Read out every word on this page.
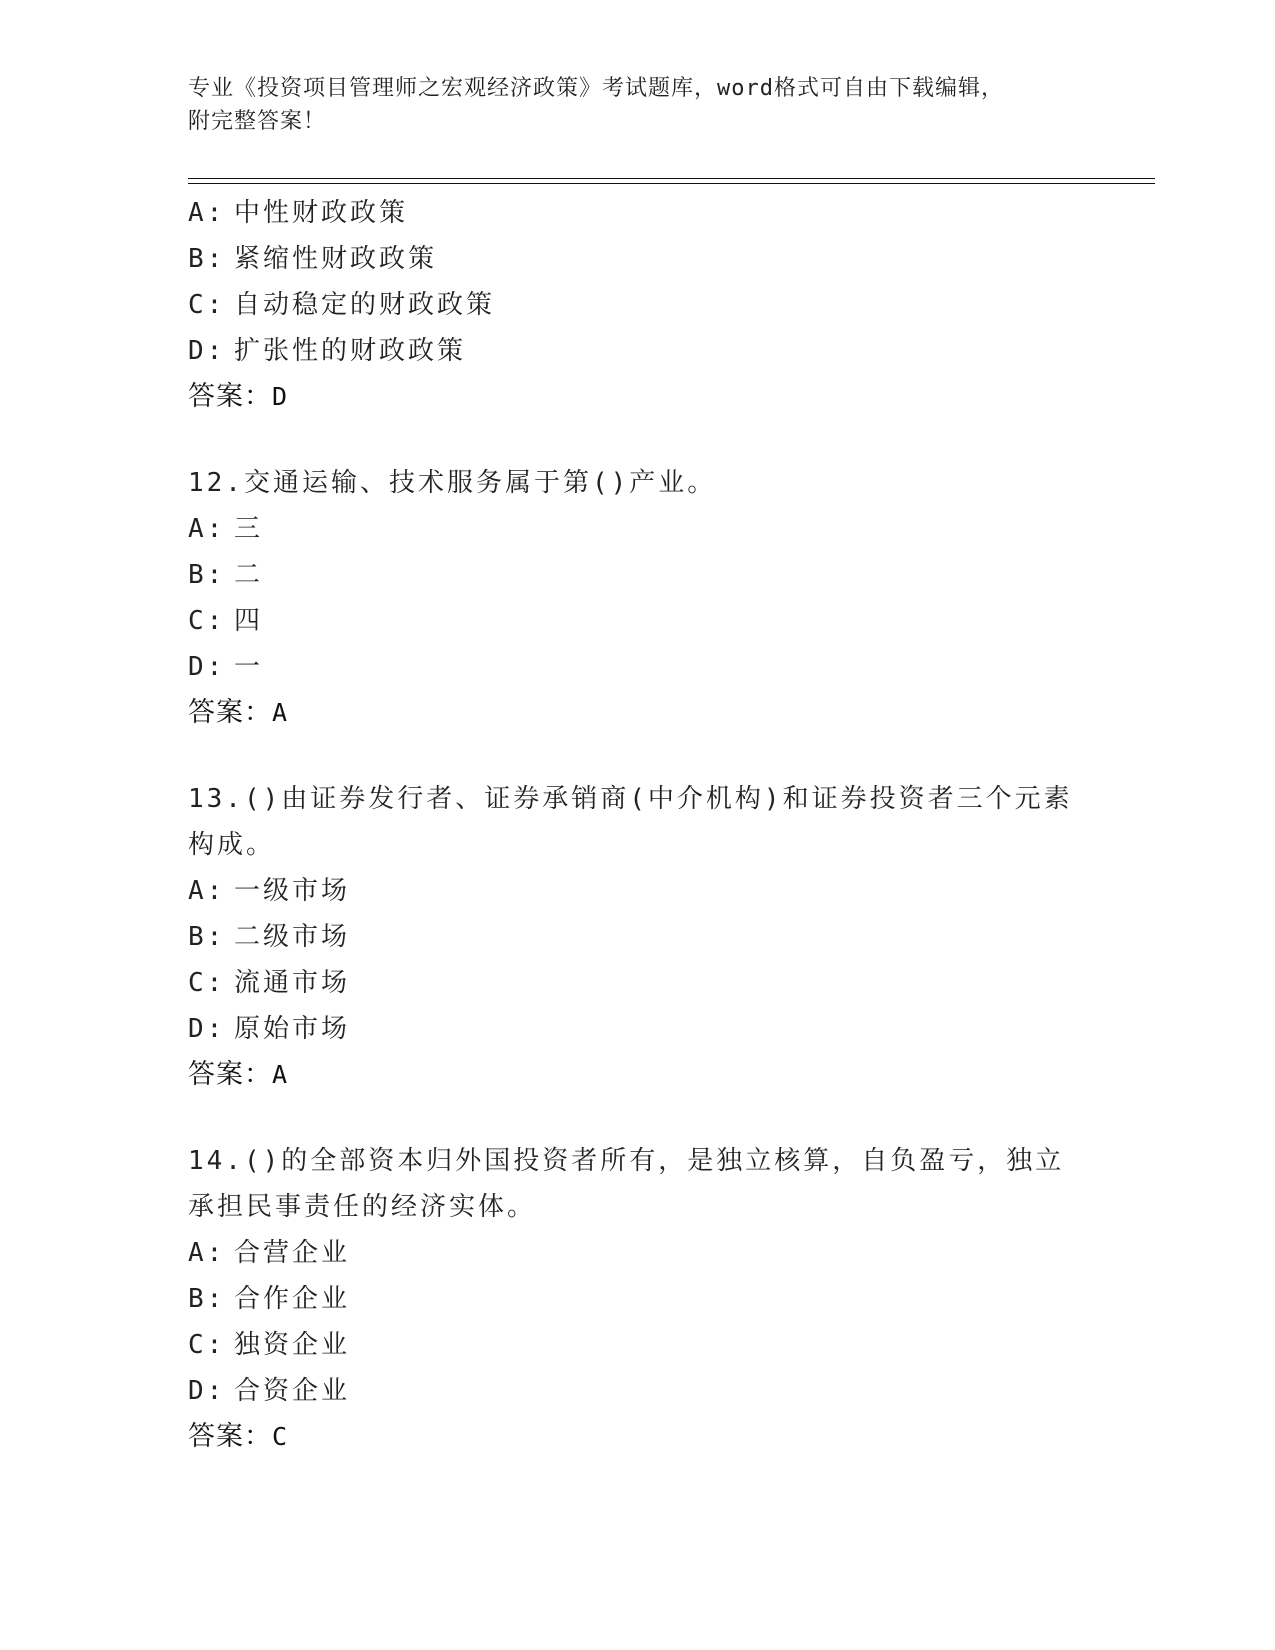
专业《投资项目管理师之宏观经济政策》考试题库，word格式可自由下载编辑，
附完整答案！
A: 中性财政政策
B: 紧缩性财政政策
C: 自动稳定的财政政策
D: 扩张性的财政政策
答案：D
12.交通运输、技术服务属于第()产业。
A: 三
B: 二
C: 四
D: 一
答案：A
13.()由证券发行者、证券承销商(中介机构)和证券投资者三个元素构成。
A: 一级市场
B: 二级市场
C: 流通市场
D: 原始市场
答案：A
14.()的全部资本归外国投资者所有，是独立核算，自负盈亏，独立承担民事责任的经济实体。
A: 合营企业
B: 合作企业
C: 独资企业
D: 合资企业
答案：C
